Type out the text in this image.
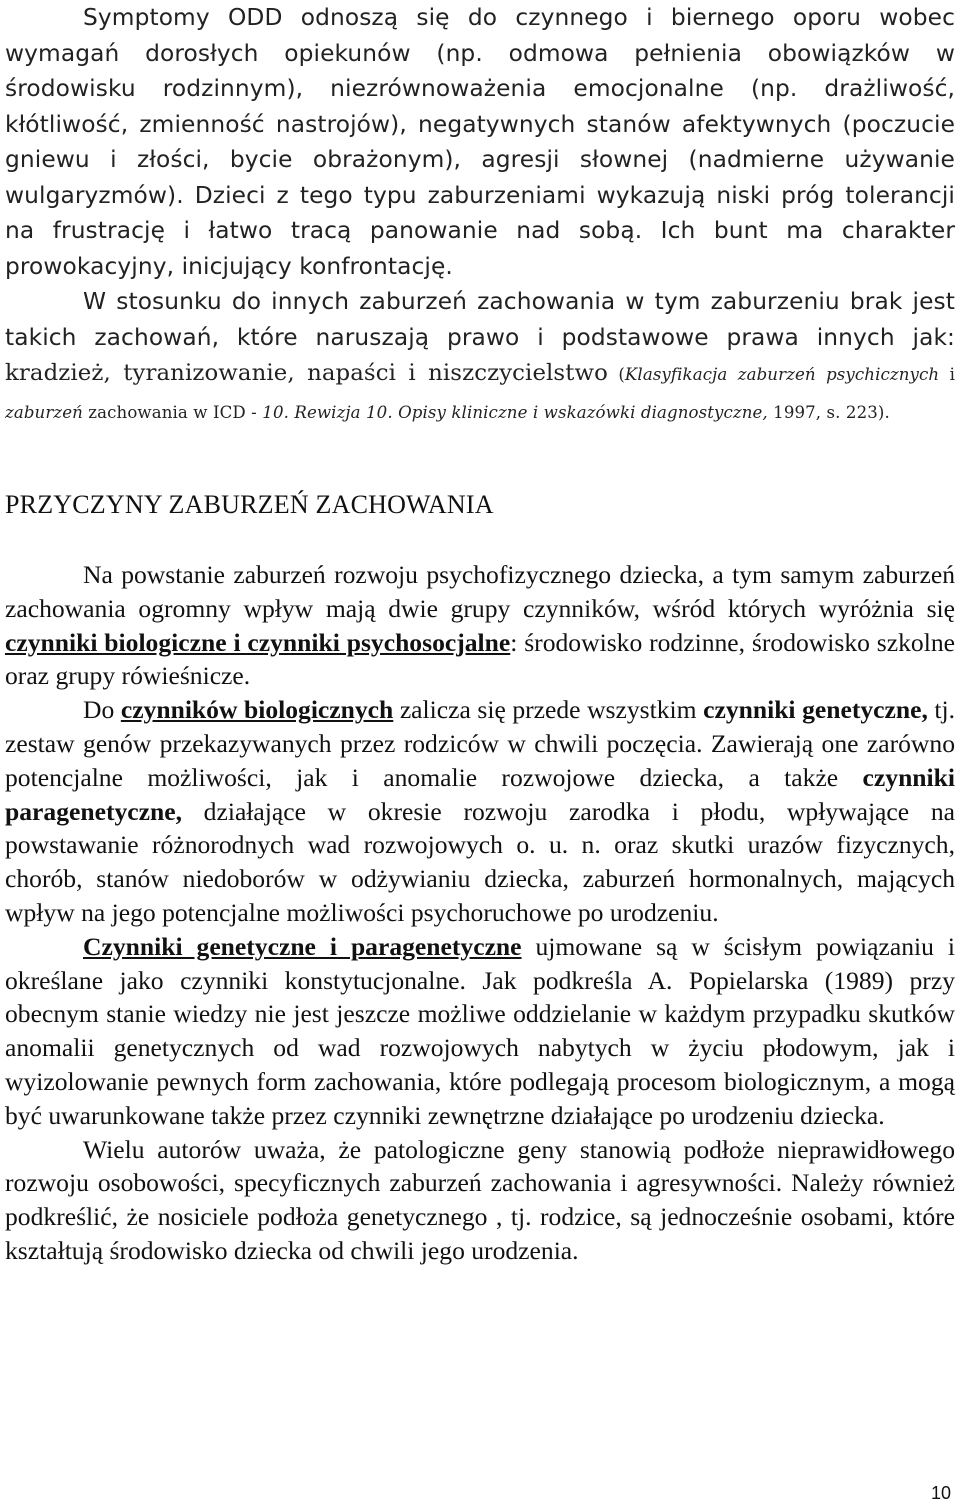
Symptomy ODD odnoszą się do czynnego i biernego oporu wobec wymagań dorosłych opiekunów (np. odmowa pełnienia obowiązków w środowisku rodzinnym), niezrównoważenia emocjonalne (np. drażliwość, kłótliwość, zmienność nastrojów), negatywnych stanów afektywnych (poczucie gniewu i złości, bycie obrażonym), agresji słownej (nadmierne używanie wulgaryzmów). Dzieci z tego typu zaburzeniami wykazują niski próg tolerancji na frustrację i łatwo tracą panowanie nad sobą. Ich bunt ma charakter prowokacyjny, inicjujący konfrontację.

W stosunku do innych zaburzeń zachowania w tym zaburzeniu brak jest takich zachowań, które naruszają prawo i podstawowe prawa innych jak: kradzież, tyranizowanie, napaści i niszczycielstwo (Klasyfikacja zaburzeń psychicznych i zaburzeń zachowania w ICD - 10. Rewizja 10. Opisy kliniczne i wskazówki diagnostyczne, 1997, s. 223).

PRZYCZYNY ZABURZEŃ ZACHOWANIA

Na powstanie zaburzeń rozwoju psychofizycznego dziecka, a tym samym zaburzeń zachowania ogromny wpływ mają dwie grupy czynników, wśród których wyróżnia się czynniki biologiczne i czynniki psychosocjalne: środowisko rodzinne, środowisko szkolne oraz grupy rówieśnicze.

Do czynników biologicznych zalicza się przede wszystkim czynniki genetyczne, tj. zestaw genów przekazywanych przez rodziców w chwili poczęcia. Zawierają one zarówno potencjalne możliwości, jak i anomalie rozwojowe dziecka, a także czynniki paragenetyczne, działające w okresie rozwoju zarodka i płodu, wpływające na powstawanie różnorodnych wad rozwojowych o. u. n. oraz skutki urazów fizycznych, chorób, stanów niedoborów w odżywianiu dziecka, zaburzeń hormonalnych, mających wpływ na jego potencjalne możliwości psychoruchowe po urodzeniu.

Czynniki genetyczne i paragenetyczne ujmowane są w ścisłym powiązaniu i określane jako czynniki konstytucjonalne. Jak podkreśla A. Popielarska (1989) przy obecnym stanie wiedzy nie jest jeszcze możliwe oddzielanie w każdym przypadku skutków anomalii genetycznych od wad rozwojowych nabytych w życiu płodowym, jak i wyizolowanie pewnych form zachowania, które podlegają procesom biologicznym, a mogą być uwarunkowane także przez czynniki zewnętrzne działające po urodzeniu dziecka.

Wielu autorów uważa, że patologiczne geny stanowią podłoże nieprawidłowego rozwoju osobowości, specyficznych zaburzeń zachowania i agresywności. Należy również podkreślić, że nosiciele podłoża genetycznego , tj. rodzice, są jednocześnie osobami, które kształtują środowisko dziecka od chwili jego urodzenia.

10
